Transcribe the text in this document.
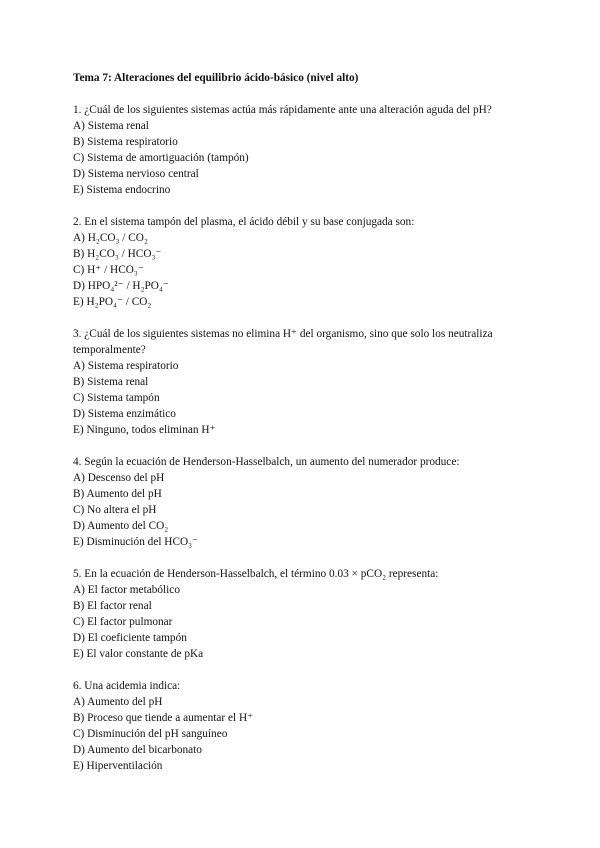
Tema 7: Alteraciones del equilibrio ácido-básico (nivel alto)

1. ¿Cuál de los siguientes sistemas actúa más rápidamente ante una alteración aguda del pH?

A) Sistema renal

B) Sistema respiratorio

C) Sistema de amortiguación (tampón)

D) Sistema nervioso central

E) Sistema endocrino

2. En el sistema tampón del plasma, el ácido débil y su base conjugada son:

A) H₂CO₃ / CO₂

B) H₂CO₃ / HCO₃⁻

C) H⁺ / HCO₃⁻

D) HPO₄²⁻ / H₂PO₄⁻

E) H₂PO₄⁻ / CO₂

3. ¿Cuál de los siguientes sistemas no elimina H⁺ del organismo, sino que solo los neutraliza temporalmente?

A) Sistema respiratorio

B) Sistema renal

C) Sistema tampón

D) Sistema enzimático

E) Ninguno, todos eliminan H⁺

4. Según la ecuación de Henderson-Hasselbalch, un aumento del numerador produce:

A) Descenso del pH

B) Aumento del pH

C) No altera el pH

D) Aumento del CO₂

E) Disminución del HCO₃⁻

5. En la ecuación de Henderson-Hasselbalch, el término 0.03 × pCO₂ representa:

A) El factor metabólico

B) El factor renal

C) El factor pulmonar

D) El coeficiente tampón

E) El valor constante de pKa

6. Una acidemia indica:

A) Aumento del pH

B) Proceso que tiende a aumentar el H⁺

C) Disminución del pH sanguíneo

D) Aumento del bicarbonato

E) Hiperventilación
